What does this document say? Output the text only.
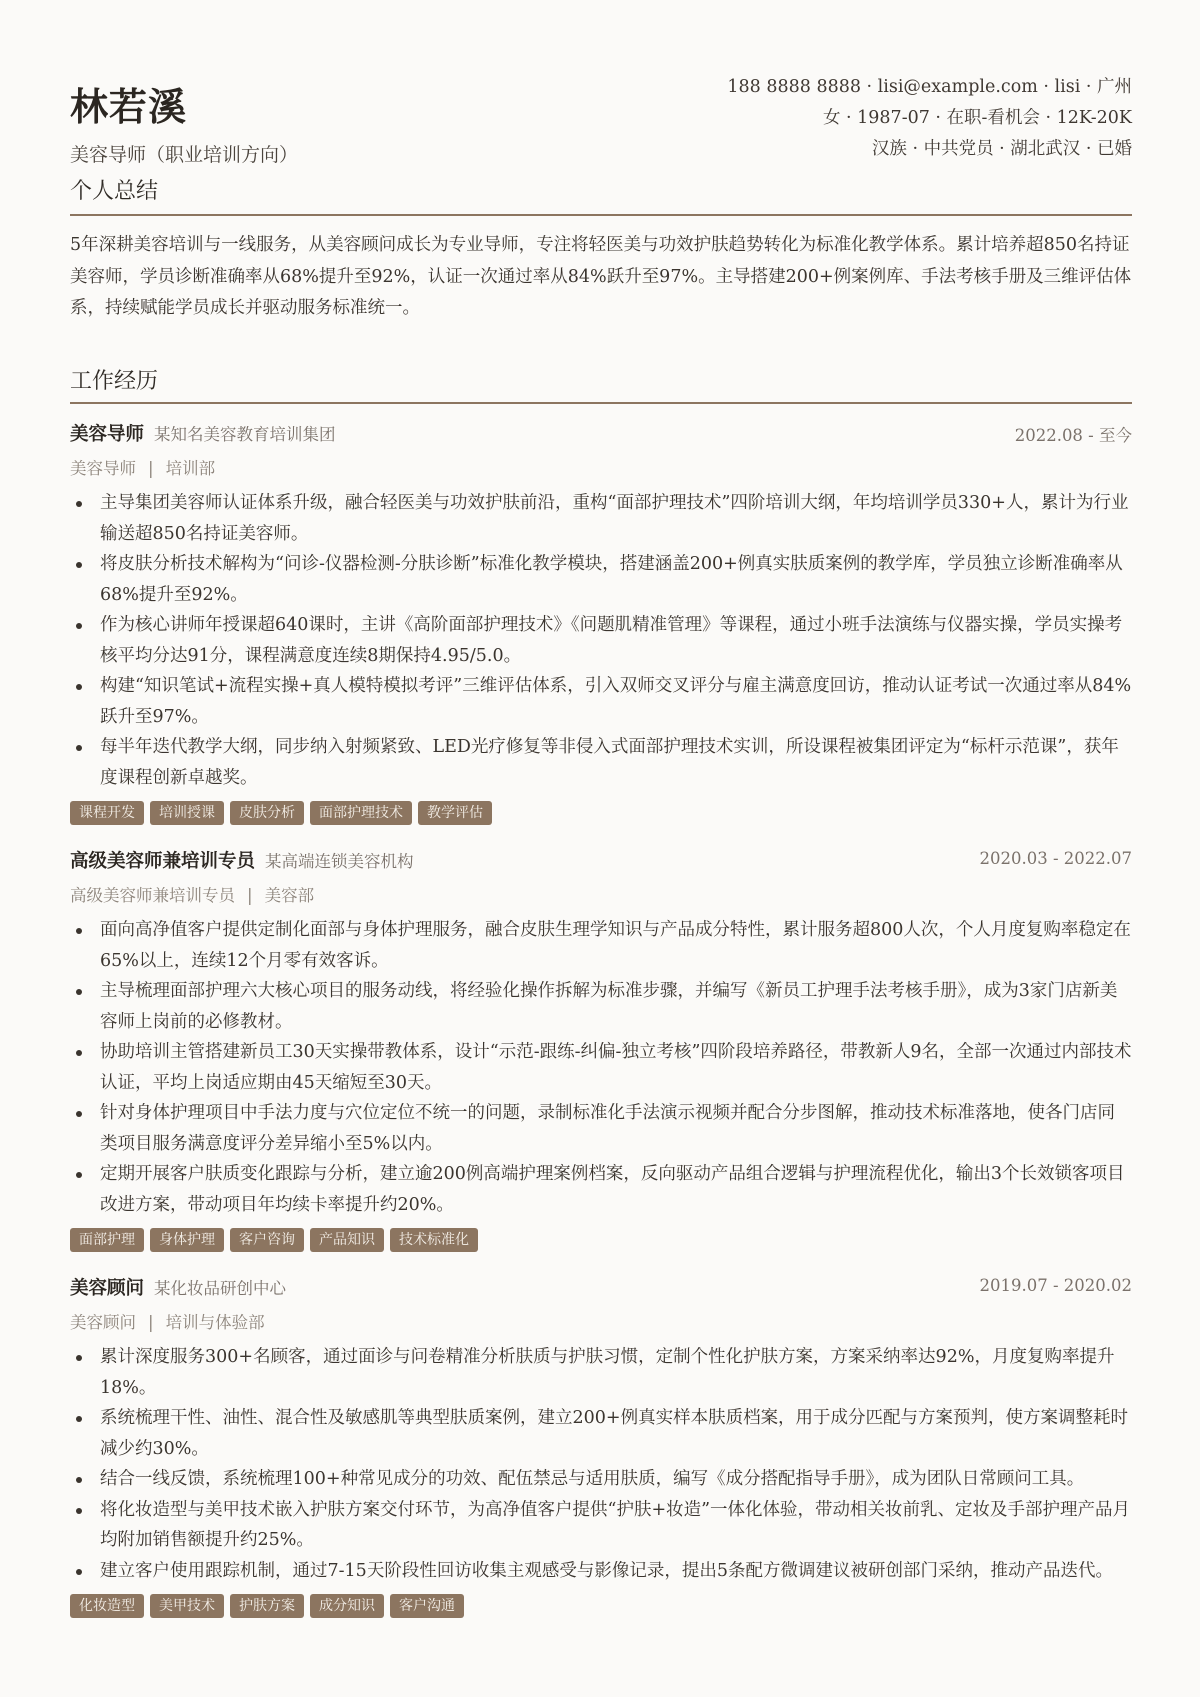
林若溪
美容导师（职业培训方向）
188 8888 8888 · lisi@example.com · lisi · 广州
女 · 1987-07 · 在职-看机会 · 12K-20K
汉族 · 中共党员 · 湖北武汉 · 已婚
个人总结
5年深耕美容培训与一线服务，从美容顾问成长为专业导师，专注将轻医美与功效护肤趋势转化为标准化教学体系。累计培养超850名持证美容师，学员诊断准确率从68%提升至92%，认证一次通过率从84%跃升至97%。主导搭建200+例案例库、手法考核手册及三维评估体系，持续赋能学员成长并驱动服务标准统一。
工作经历
美容导师 某知名美容教育培训集团	2022.08 - 至今
美容导师 | 培训部
主导集团美容师认证体系升级，融合轻医美与功效护肤前沿，重构“面部护理技术”四阶培训大纲，年均培训学员330+人，累计为行业输送超850名持证美容师。
将皮肤分析技术解构为“问诊-仪器检测-分肤诊断”标准化教学模块，搭建涵盖200+例真实肤质案例的教学库，学员独立诊断准确率从68%提升至92%。
作为核心讲师年授课超640课时，主讲《高阶面部护理技术》《问题肌精准管理》等课程，通过小班手法演练与仪器实操，学员实操考核平均分达91分，课程满意度连续8期保持4.95/5.0。
构建“知识笔试+流程实操+真人模特模拟考评”三维评估体系，引入双师交叉评分与雇主满意度回访，推动认证考试一次通过率从84%跃升至97%。
每半年迭代教学大纲，同步纳入射频紧致、LED光疗修复等非侵入式面部护理技术实训，所设课程被集团评定为“标杆示范课”，获年度课程创新卓越奖。
课程开发 培训授课 皮肤分析 面部护理技术 教学评估
高级美容师兼培训专员 某高端连锁美容机构	2020.03 - 2022.07
高级美容师兼培训专员 | 美容部
面向高净值客户提供定制化面部与身体护理服务，融合皮肤生理学知识与产品成分特性，累计服务超800人次，个人月度复购率稳定在65%以上，连续12个月零有效客诉。
主导梳理面部护理六大核心项目的服务动线，将经验化操作拆解为标准步骤，并编写《新员工护理手法考核手册》，成为3家门店新美容师上岗前的必修教材。
协助培训主管搭建新员工30天实操带教体系，设计“示范-跟练-纠偏-独立考核”四阶段培养路径，带教新人9名，全部一次通过内部技术认证，平均上岗适应期由45天缩短至30天。
针对身体护理项目中手法力度与穴位定位不统一的问题，录制标准化手法演示视频并配合分步图解，推动技术标准落地，使各门店同类项目服务满意度评分差异缩小至5%以内。
定期开展客户肤质变化跟踪与分析，建立逾200例高端护理案例档案，反向驱动产品组合逻辑与护理流程优化，输出3个长效锁客项目改进方案，带动项目年均续卡率提升约20%。
面部护理 身体护理 客户咨询 产品知识 技术标准化
美容顾问 某化妆品研创中心	2019.07 - 2020.02
美容顾问 | 培训与体验部
累计深度服务300+名顾客，通过面诊与问卷精准分析肤质与护肤习惯，定制个性化护肤方案，方案采纳率达92%，月度复购率提升18%。
系统梳理干性、油性、混合性及敏感肌等典型肤质案例，建立200+例真实样本肤质档案，用于成分匹配与方案预判，使方案调整耗时减少约30%。
结合一线反馈，系统梳理100+种常见成分的功效、配伍禁忌与适用肤质，编写《成分搭配指导手册》，成为团队日常顾问工具。
将化妆造型与美甲技术嵌入护肤方案交付环节，为高净值客户提供“护肤+妆造”一体化体验，带动相关妆前乳、定妆及手部护理产品月均附加销售额提升约25%。
建立客户使用跟踪机制，通过7-15天阶段性回访收集主观感受与影像记录，提出5条配方微调建议被研创部门采纳，推动产品迭代。
化妆造型 美甲技术 护肤方案 成分知识 客户沟通
